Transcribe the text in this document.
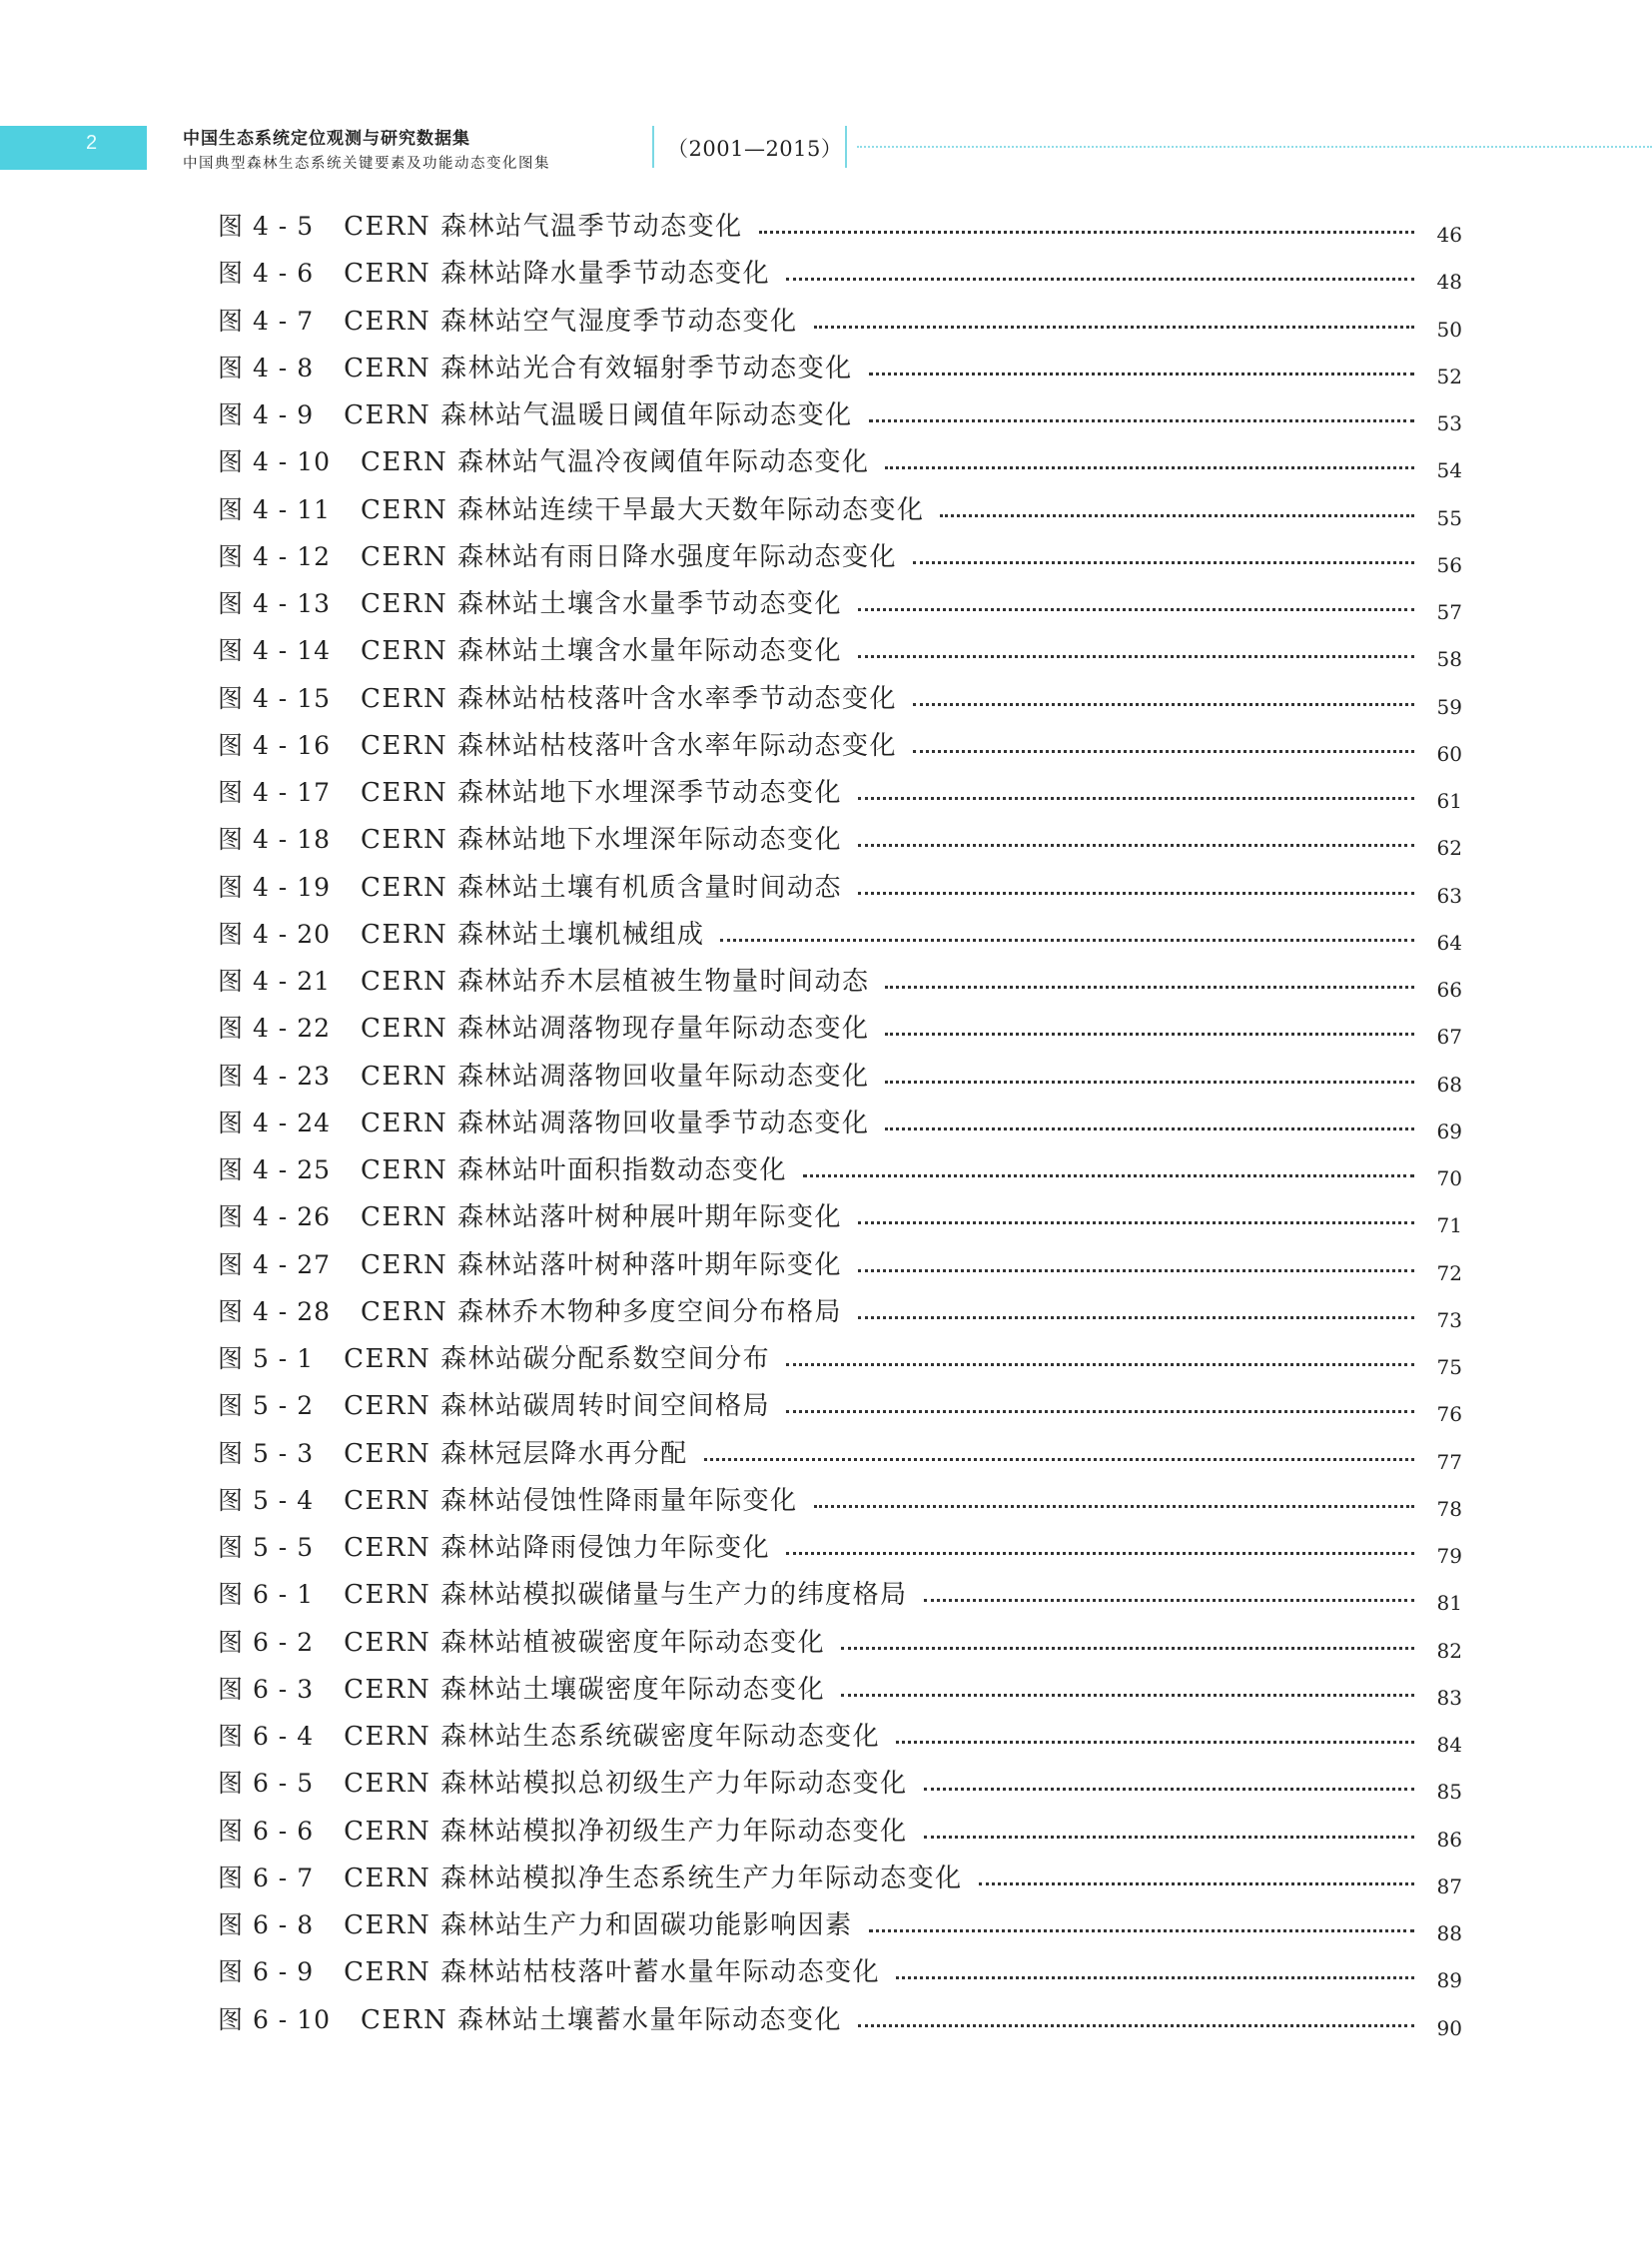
2	中国生态系统定位观测与研究数据集
中国典型森林生态系统关键要素及功能动态变化图集
（2001—2015）
图 4 - 5 CERN 森林站气温季节动态变化	46
图 4 - 6 CERN 森林站降水量季节动态变化	48
图 4 - 7 CERN 森林站空气湿度季节动态变化	50
图 4 - 8 CERN 森林站光合有效辐射季节动态变化	52
图 4 - 9 CERN 森林站气温暖日阈值年际动态变化	53
图 4 - 10 CERN 森林站气温冷夜阈值年际动态变化	54
图 4 - 11 CERN 森林站连续干旱最大天数年际动态变化	55
图 4 - 12 CERN 森林站有雨日降水强度年际动态变化	56
图 4 - 13 CERN 森林站土壤含水量季节动态变化	57
图 4 - 14 CERN 森林站土壤含水量年际动态变化	58
图 4 - 15 CERN 森林站枯枝落叶含水率季节动态变化	59
图 4 - 16 CERN 森林站枯枝落叶含水率年际动态变化	60
图 4 - 17 CERN 森林站地下水埋深季节动态变化	61
图 4 - 18 CERN 森林站地下水埋深年际动态变化	62
图 4 - 19 CERN 森林站土壤有机质含量时间动态	63
图 4 - 20 CERN 森林站土壤机械组成	64
图 4 - 21 CERN 森林站乔木层植被生物量时间动态	66
图 4 - 22 CERN 森林站凋落物现存量年际动态变化	67
图 4 - 23 CERN 森林站凋落物回收量年际动态变化	68
图 4 - 24 CERN 森林站凋落物回收量季节动态变化	69
图 4 - 25 CERN 森林站叶面积指数动态变化	70
图 4 - 26 CERN 森林站落叶树种展叶期年际变化	71
图 4 - 27 CERN 森林站落叶树种落叶期年际变化	72
图 4 - 28 CERN 森林乔木物种多度空间分布格局	73
图 5 - 1 CERN 森林站碳分配系数空间分布	75
图 5 - 2 CERN 森林站碳周转时间空间格局	76
图 5 - 3 CERN 森林冠层降水再分配	77
图 5 - 4 CERN 森林站侵蚀性降雨量年际变化	78
图 5 - 5 CERN 森林站降雨侵蚀力年际变化	79
图 6 - 1 CERN 森林站模拟碳储量与生产力的纬度格局	81
图 6 - 2 CERN 森林站植被碳密度年际动态变化	82
图 6 - 3 CERN 森林站土壤碳密度年际动态变化	83
图 6 - 4 CERN 森林站生态系统碳密度年际动态变化	84
图 6 - 5 CERN 森林站模拟总初级生产力年际动态变化	85
图 6 - 6 CERN 森林站模拟净初级生产力年际动态变化	86
图 6 - 7 CERN 森林站模拟净生态系统生产力年际动态变化	87
图 6 - 8 CERN 森林站生产力和固碳功能影响因素	88
图 6 - 9 CERN 森林站枯枝落叶蓄水量年际动态变化	89
图 6 - 10 CERN 森林站土壤蓄水量年际动态变化	90
